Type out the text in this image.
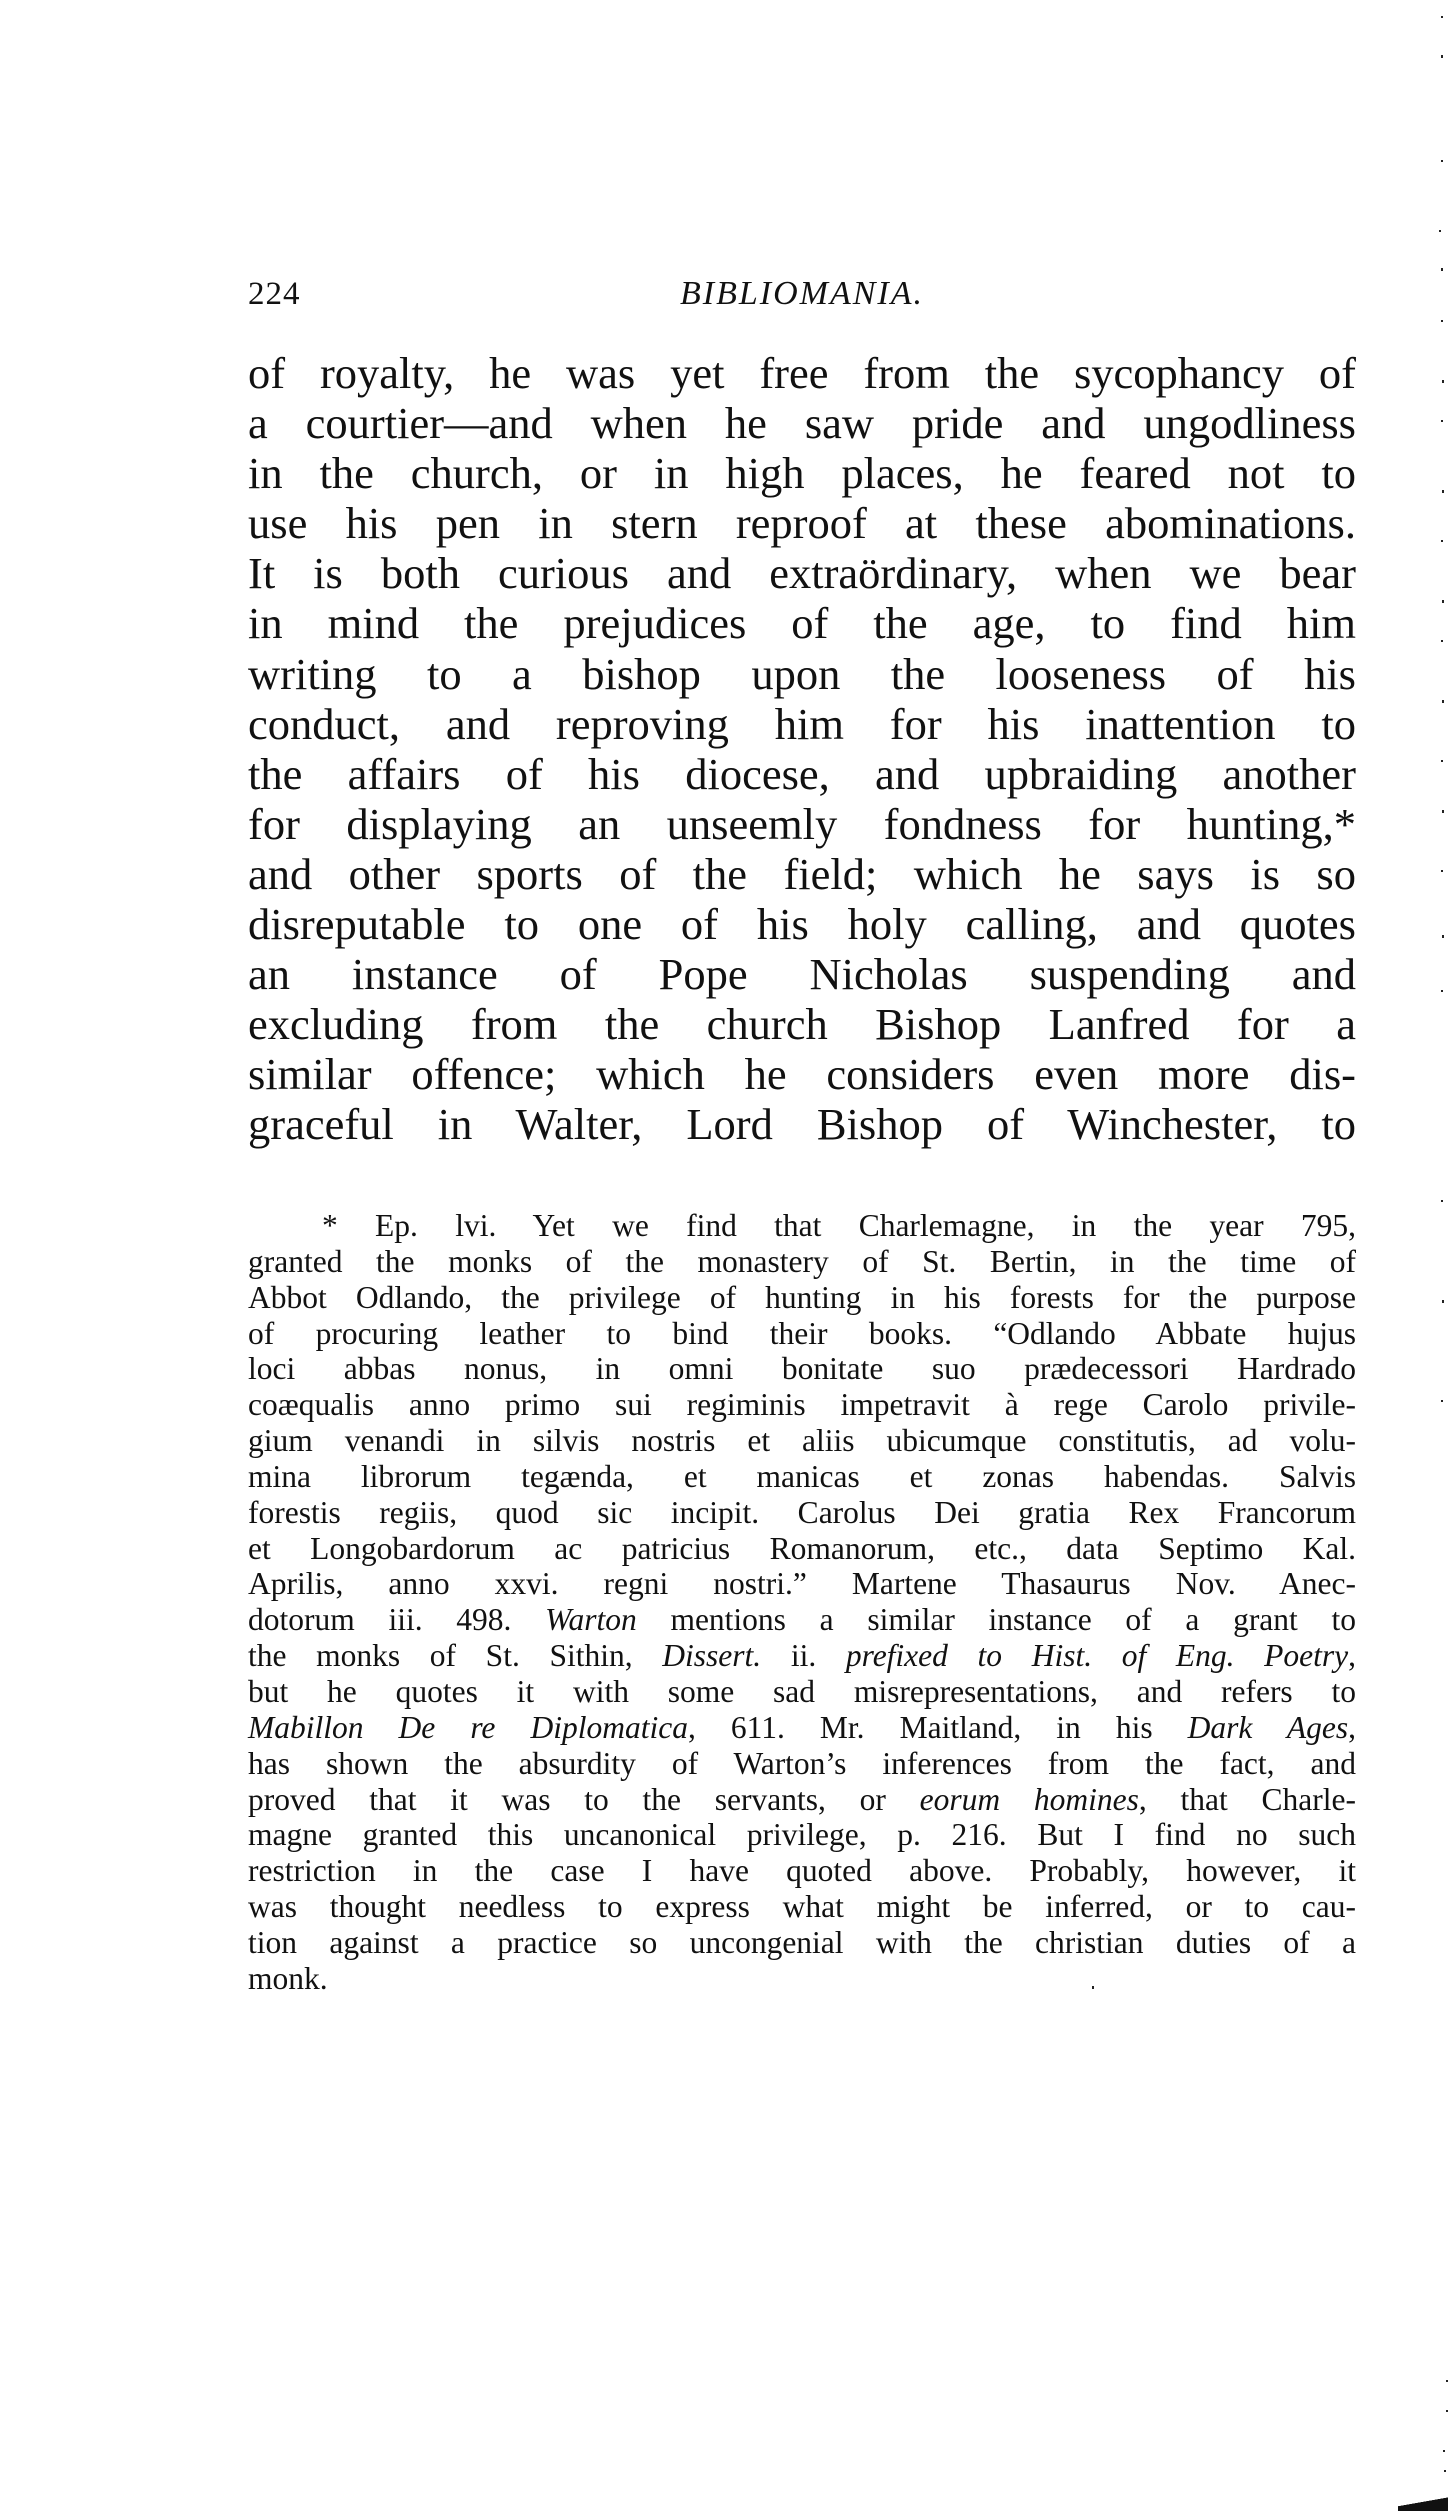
224	BIBLIOMANIA.
of royalty, he was yet free from the sycophancy of
a courtier—and when he saw pride and ungodliness
in the church, or in high places, he feared not to
use his pen in stern reproof at these abominations.
It is both curious and extraördinary, when we bear
in mind the prejudices of the age, to find him
writing to a bishop upon the looseness of his
conduct, and reproving him for his inattention to
the affairs of his diocese, and upbraiding another
for displaying an unseemly fondness for hunting,*
and other sports of the field; which he says is so
disreputable to one of his holy calling, and quotes
an instance of Pope Nicholas suspending and
excluding from the church Bishop Lanfred for a
similar offence; which he considers even more dis-
graceful in Walter, Lord Bishop of Winchester, to
* Ep. lvi. Yet we find that Charlemagne, in the year 795,
granted the monks of the monastery of St. Bertin, in the time of
Abbot Odlando, the privilege of hunting in his forests for the purpose
of procuring leather to bind their books. “Odlando Abbate hujus
loci abbas nonus, in omni bonitate suo prædecessori Hardrado
coæqualis anno primo sui regiminis impetravit à rege Carolo privile-
gium venandi in silvis nostris et aliis ubicumque constitutis, ad volu-
mina librorum tegænda, et manicas et zonas habendas. Salvis
forestis regiis, quod sic incipit. Carolus Dei gratia Rex Francorum
et Longobardorum ac patricius Romanorum, etc., data Septimo Kal.
Aprilis, anno xxvi. regni nostri.” Martene Thasaurus Nov. Anec-
dotorum iii. 498. Warton mentions a similar instance of a grant to
the monks of St. Sithin, Dissert. ii. prefixed to Hist. of Eng. Poetry,
but he quotes it with some sad misrepresentations, and refers to
Mabillon De re Diplomatica, 611. Mr. Maitland, in his Dark Ages,
has shown the absurdity of Warton’s inferences from the fact, and
proved that it was to the servants, or eorum homines, that Charle-
magne granted this uncanonical privilege, p. 216. But I find no such
restriction in the case I have quoted above. Probably, however, it
was thought needless to express what might be inferred, or to cau-
tion against a practice so uncongenial with the christian duties of a
monk.
